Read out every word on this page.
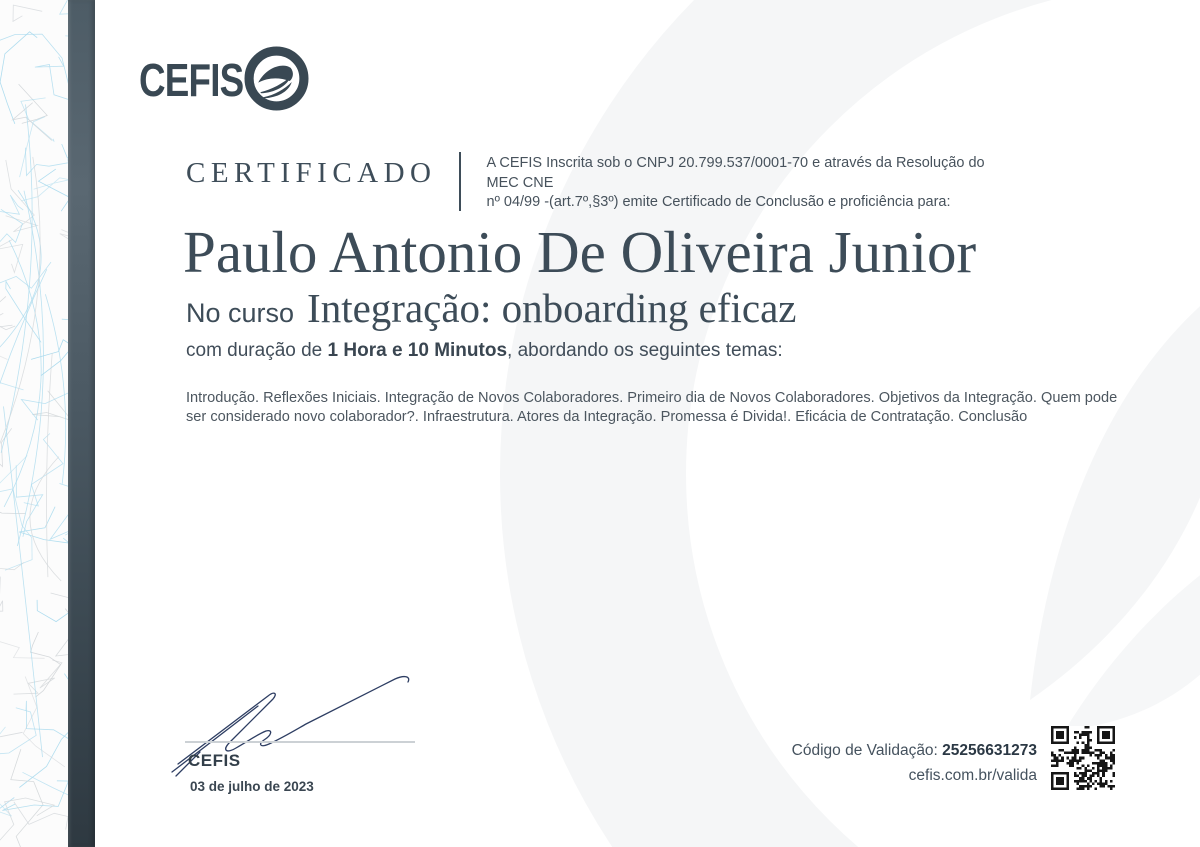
CEFIS
CERTIFICADO	A CEFIS Inscrita sob o CNPJ 20.799.537/0001-70 e através da Resolução do MEC CNE
nº 04/99 -(art.7º,§3º) emite Certificado de Conclusão e proficiência para:
Paulo Antonio De Oliveira Junior
No curso Integração: onboarding eficaz
com duração de 1 Hora e 10 Minutos, abordando os seguintes temas:
Introdução. Reflexões Iniciais. Integração de Novos Colaboradores. Primeiro dia de Novos Colaboradores. Objetivos da Integração. Quem pode ser considerado novo colaborador?. Infraestrutura. Atores da Integração. Promessa é Divida!. Eficácia de Contratação. Conclusão
CEFIS
03 de julho de 2023
Código de Validação: 25256631273
cefis.com.br/valida
